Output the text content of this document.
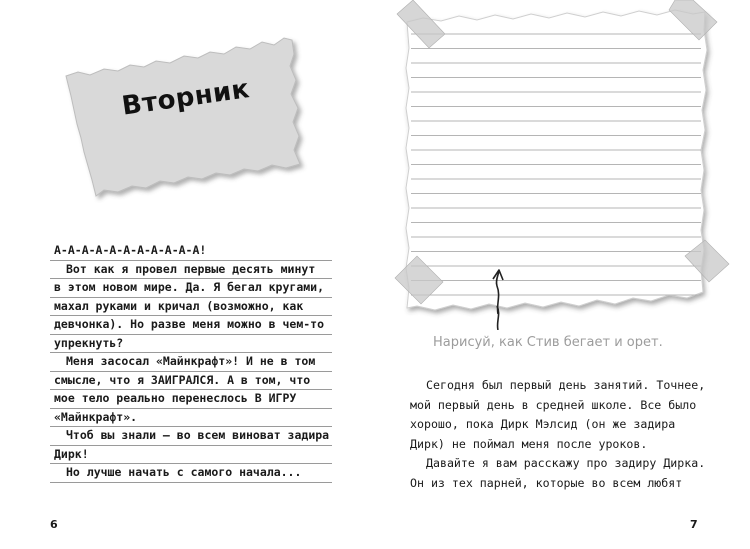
Вторник
А-А-А-А-А-А-А-А-А-А-А!
Вот как я провел первые десять минут
в этом новом мире. Да. Я бегал кругами,
махал руками и кричал (возможно, как
девчонка). Но разве меня можно в чем-то
упрекнуть?
Меня засосал «Майнкрафт»! И не в том
смысле, что я ЗАИГРАЛСЯ. А в том, что
мое тело реально перенеслось В ИГРУ
«Майнкрафт».
Чтоб вы знали — во всем виноват задира
Дирк!
Но лучше начать с самого начала...
6
Нарисуй, как Стив бегает и орет.
Сегодня был первый день занятий. Точнее,
мой первый день в средней школе. Все было
хорошо, пока Дирк Мэлсид (он же задира
Дирк) не поймал меня после уроков.
Давайте я вам расскажу про задиру Дирка.
Он из тех парней, которые во всем любят
7
